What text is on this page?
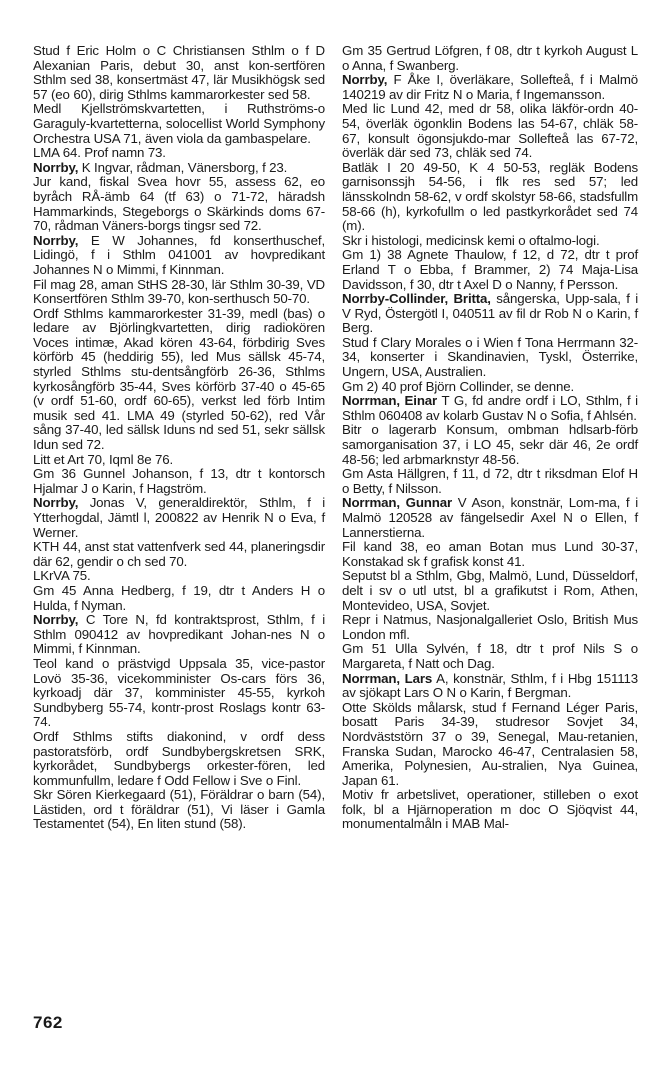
Stud f Eric Holm o C Christiansen Sthlm o f D Alexanian Paris, debut 30, anst kon-sertfören Sthlm sed 38, konsertmäst 47, lär Musikhögsk sed 57 (eo 60), dirig Sthlms kammarorkester sed 58.

Medl Kjellströmskvartetten, i Ruthströms-o Garaguly-kvartetterna, solocellist World Symphony Orchestra USA 71, även viola da gambaspelare.

LMA 64. Prof namn 73.

Norrby, K Ingvar, rådman, Vänersborg, f 23.

Jur kand, fiskal Svea hovr 55, assess 62, eo byråch RÅ-ämb 64 (tf 63) o 71-72, häradsh Hammarkinds, Stegeborgs o Skärkinds doms 67-70, rådman Väners-borgs tingsr sed 72.

Norrby, E W Johannes, fd konserthuschef, Lidingö, f i Sthlm 041001 av hovpredikant Johannes N o Mimmi, f Kinnman.

Fil mag 28, aman StHS 28-30, lär Sthlm 30-39, VD Konsertfören Sthlm 39-70, kon-serthusch 50-70.

Ordf Sthlms kammarorkester 31-39, medl (bas) o ledare av Björlingkvartetten, dirig radiokören Voces intimæ, Akad kören 43-64, förbdirig Sves körförb 45 (heddirig 55), led Mus sällsk 45-74, styrled Sthlms stu-dentsångförb 26-36, Sthlms kyrkosångförb 35-44, Sves körförb 37-40 o 45-65 (v ordf 51-60, ordf 60-65), verkst led förb Intim musik sed 41. LMA 49 (styrled 50-62), red Vår sång 37-40, led sällsk Iduns nd sed 51, sekr sällsk Idun sed 72.

Litt et Art 70, Iqml 8e 76.

Gm 36 Gunnel Johanson, f 13, dtr t kontorsch Hjalmar J o Karin, f Hagström.

Norrby, Jonas V, generaldirektör, Sthlm, f i Ytterhogdal, Jämtl l, 200822 av Henrik N o Eva, f Werner.

KTH 44, anst stat vattenfverk sed 44, planeringsdir där 62, gendir o ch sed 70.

LKrVA 75.

Gm 45 Anna Hedberg, f 19, dtr t Anders H o Hulda, f Nyman.

Norrby, C Tore N, fd kontraktsprost, Sthlm, f i Sthlm 090412 av hovpredikant Johan-nes N o Mimmi, f Kinnman.

Teol kand o prästvigd Uppsala 35, vice-pastor Lovö 35-36, vicekomminister Os-cars förs 36, kyrkoadj där 37, komminister 45-55, kyrkoh Sundbyberg 55-74, kontr-prost Roslags kontr 63-74.

Ordf Sthlms stifts diakonind, v ordf dess pastoratsförb, ordf Sundbybergskretsen SRK, kyrkorådet, Sundbybergs orkester-fören, led kommunfullm, ledare f Odd Fellow i Sve o Finl.

Skr Sören Kierkegaard (51), Föräldrar o barn (54), Lästiden, ord t föräldrar (51), Vi läser i Gamla Testamentet (54), En liten stund (58).

Gm 35 Gertrud Löfgren, f 08, dtr t kyrkoh August L o Anna, f Swanberg.

Norrby, F Åke I, överläkare, Sollefteå, f i Malmö 140219 av dir Fritz N o Maria, f Ingemansson.

Med lic Lund 42, med dr 58, olika läkför-ordn 40-54, överläk ögonklin Bodens las 54-67, chläk 58-67, konsult ögonsjukdo-mar Sollefteå las 67-72, överläk där sed 73, chläk sed 74.

Batläk I 20 49-50, K 4 50-53, regläk Bodens garnisonssjh 54-56, i flk res sed 57; led länsskolndn 58-62, v ordf skolstyr 58-66, stadsfullm 58-66 (h), kyrkofullm o led pastkyrkorådet sed 74 (m).

Skr i histologi, medicinsk kemi o oftalmo-logi.

Gm 1) 38 Agnete Thaulow, f 12, d 72, dtr t prof Erland T o Ebba, f Brammer, 2) 74 Maja-Lisa Davidsson, f 30, dtr t Axel D o Nanny, f Persson.

Norrby-Collinder, Britta, sångerska, Upp-sala, f i V Ryd, Östergötl I, 040511 av fil dr Rob N o Karin, f Berg.

Stud f Clary Morales o i Wien f Tona Herrmann 32-34, konserter i Skandinavien, Tyskl, Österrike, Ungern, USA, Australien.

Gm 2) 40 prof Björn Collinder, se denne.

Norrman, Einar T G, fd andre ordf i LO, Sthlm, f i Sthlm 060408 av kolarb Gustav N o Sofia, f Ahlsén.

Bitr o lagerarb Konsum, ombman hdlsarb-förb samorganisation 37, i LO 45, sekr där 46, 2e ordf 48-56; led arbmarknstyr 48-56.

Gm Asta Hällgren, f 11, d 72, dtr t riksdman Elof H o Betty, f Nilsson.

Norrman, Gunnar V Ason, konstnär, Lom-ma, f i Malmö 120528 av fängelsedir Axel N o Ellen, f Lannerstierna.

Fil kand 38, eo aman Botan mus Lund 30-37, Konstakad sk f grafisk konst 41.

Seputst bl a Sthlm, Gbg, Malmö, Lund, Düsseldorf, delt i sv o utl utst, bl a grafikutst i Rom, Athen, Montevideo, USA, Sovjet.

Repr i Natmus, Nasjonalgalleriet Oslo, British Mus London mfl.

Gm 51 Ulla Sylvén, f 18, dtr t prof Nils S o Margareta, f Natt och Dag.

Norrman, Lars A, konstnär, Sthlm, f i Hbg 151113 av sjökapt Lars O N o Karin, f Bergman.

Otte Skölds målarsk, stud f Fernand Léger Paris, bosatt Paris 34-39, studresor Sovjet 34, Nordväststörn 37 o 39, Senegal, Mau-retanien, Franska Sudan, Marocko 46-47, Centralasien 58, Amerika, Polynesien, Au-stralien, Nya Guinea, Japan 61.

Motiv fr arbetslivet, operationer, stilleben o exot folk, bl a Hjärnoperation m doc O Sjöqvist 44, monumentalmåln i MAB Mal-

762
